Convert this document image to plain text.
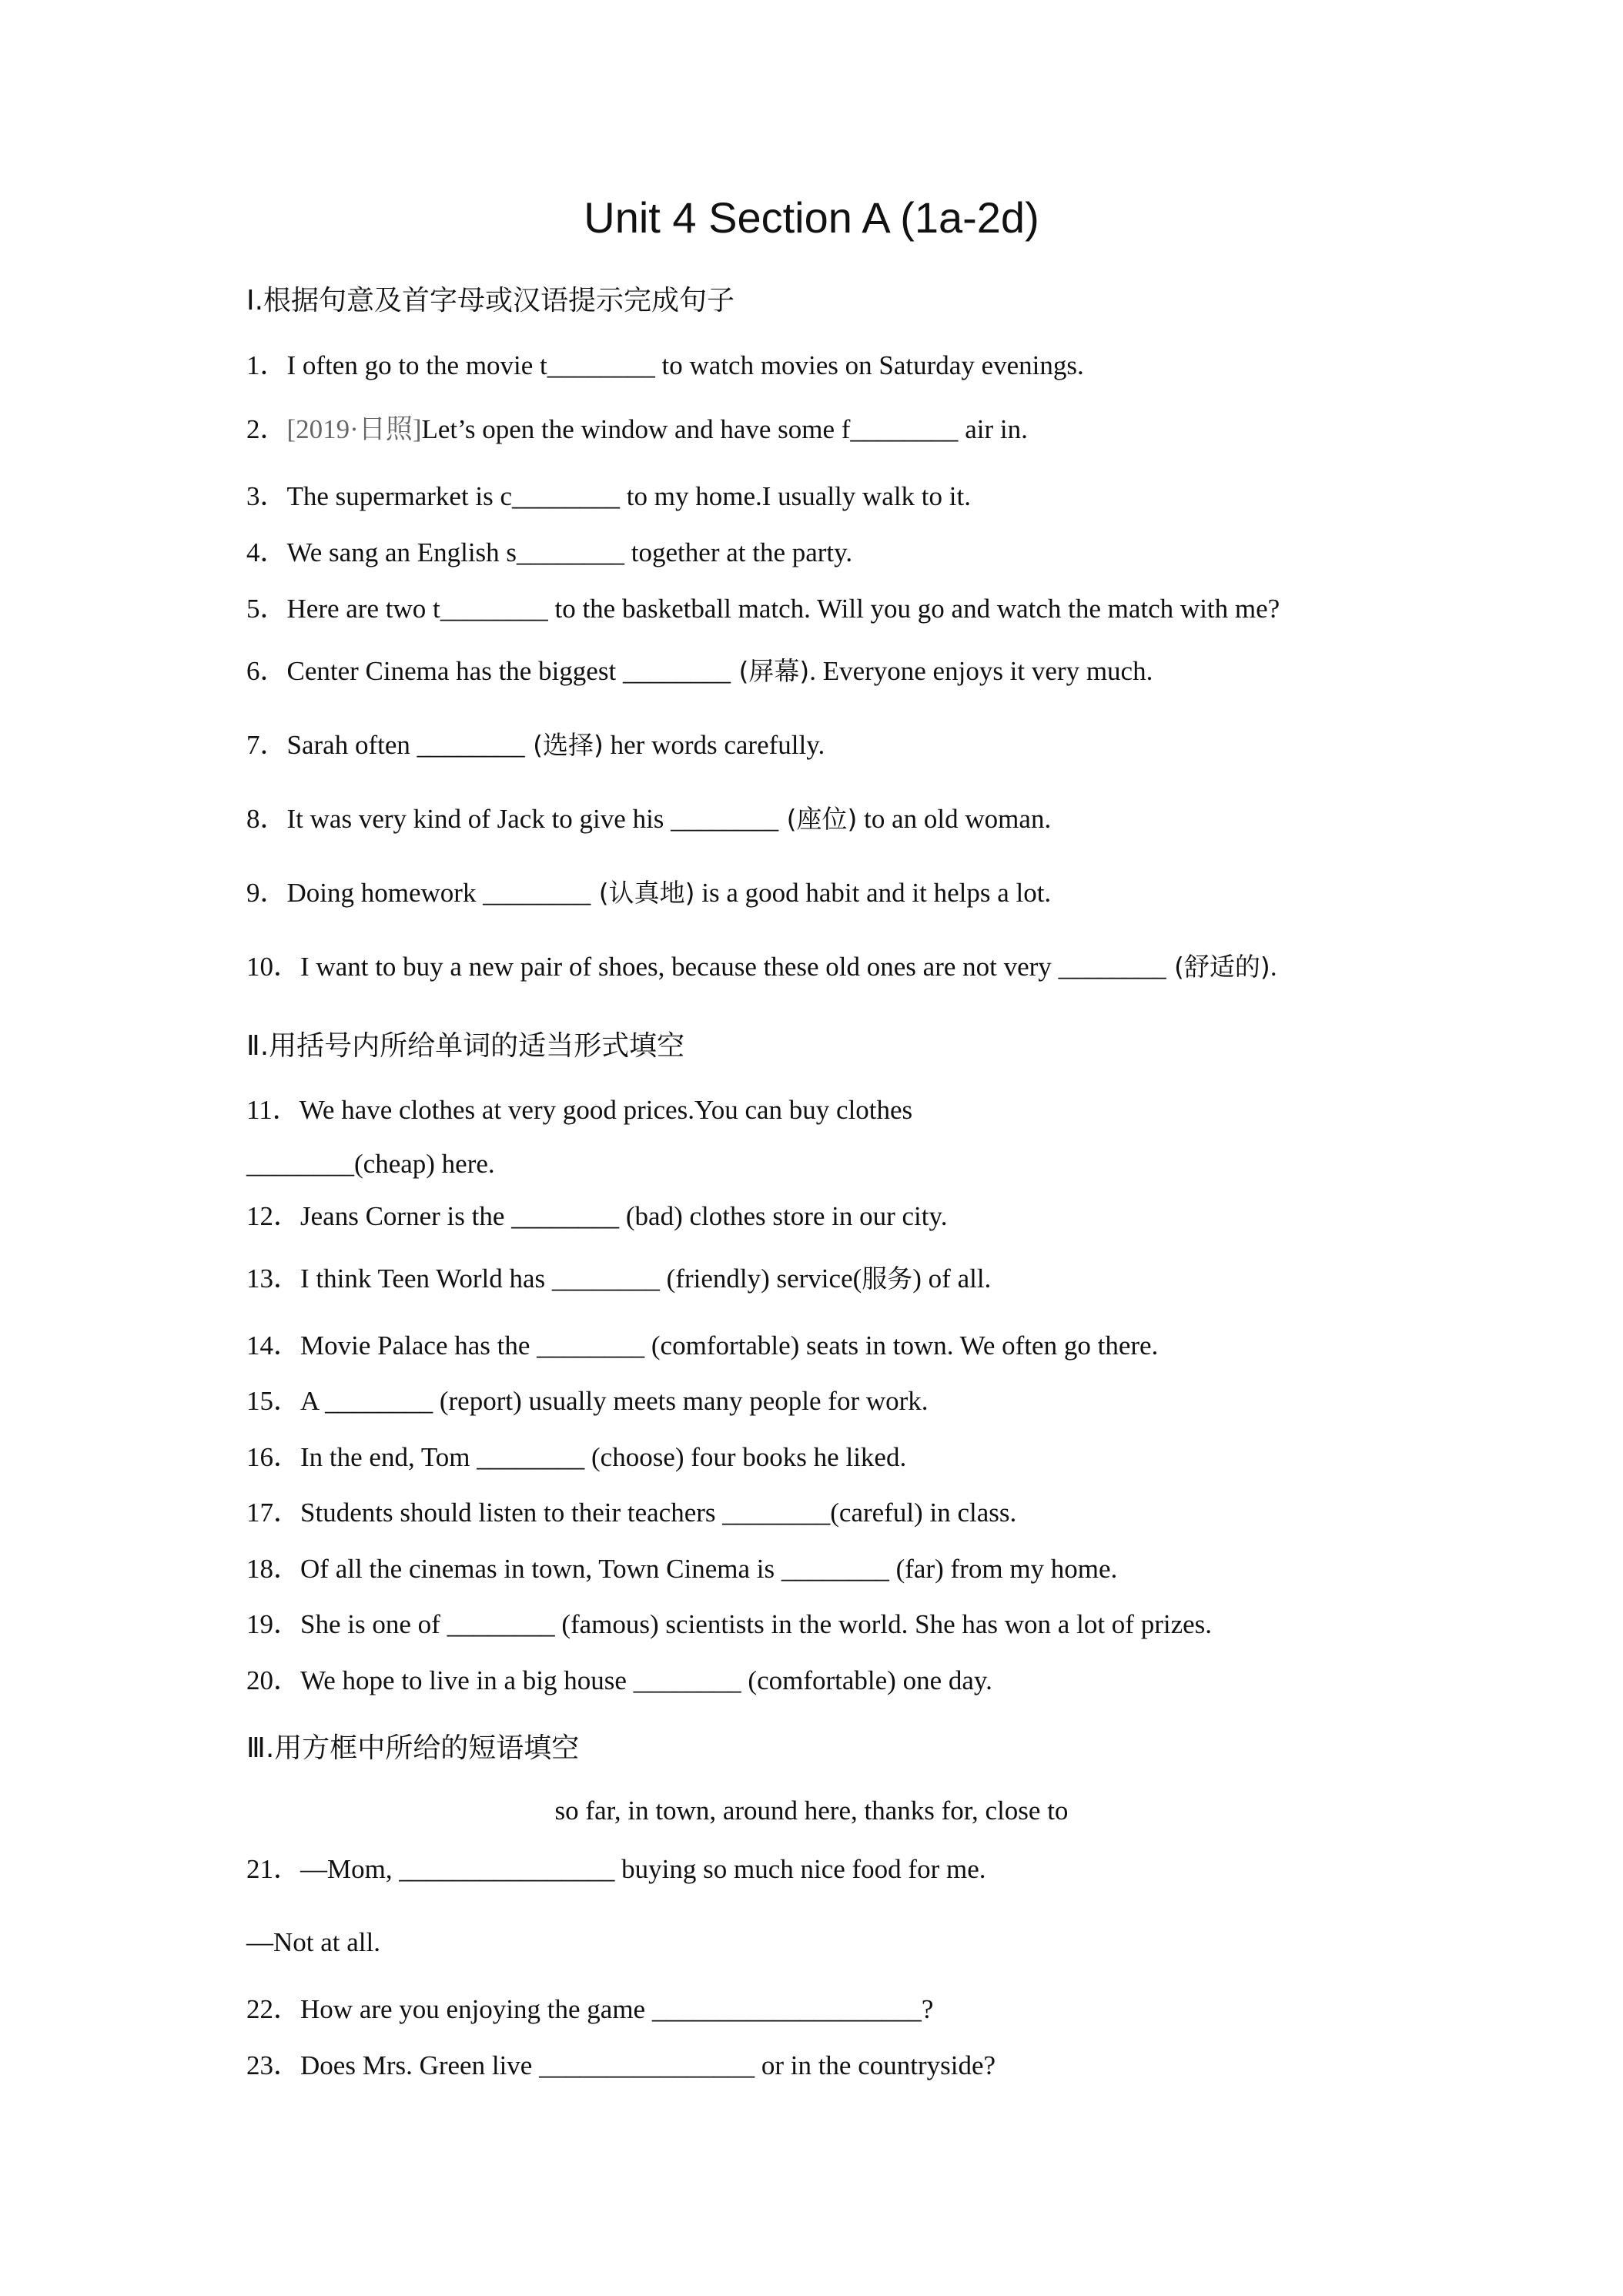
Unit 4 Section A (1a-2d)
Ⅰ.根据句意及首字母或汉语提示完成句子
1．I often go to the movie t________ to watch movies on Saturday evenings.
2．[2019·日照]Let’s open the window and have some f________ air in.
3．The supermarket is c________ to my home.I usually walk to it.
4．We sang an English s________ together at the party.
5．Here are two t________ to the basketball match. Will you go and watch the match with me?
6．Center Cinema has the biggest ________ (屏幕). Everyone enjoys it very much.
7．Sarah often ________ (选择) her words carefully.
8．It was very kind of Jack to give his ________ (座位) to an old woman.
9．Doing homework ________ (认真地) is a good habit and it helps a lot.
10．I want to buy a new pair of shoes, because these old ones are not very ________ (舒适的).
Ⅱ.用括号内所给单词的适当形式填空
11．We have clothes at very good prices.You can buy clothes
________(cheap) here.
12．Jeans Corner is the ________ (bad) clothes store in our city.
13．I think Teen World has ________ (friendly) service(服务) of all.
14．Movie Palace has the ________ (comfortable) seats in town. We often go there.
15．A ________ (report) usually meets many people for work.
16．In the end, Tom ________ (choose) four books he liked.
17．Students should listen to their teachers ________(careful) in class.
18．Of all the cinemas in town, Town Cinema is ________ (far) from my home.
19．She is one of ________ (famous) scientists in the world. She has won a lot of prizes.
20．We hope to live in a big house ________ (comfortable) one day.
Ⅲ.用方框中所给的短语填空
so far, in town, around here, thanks for, close to
21．—Mom, ________________ buying so much nice food for me.
—Not at all.
22．How are you enjoying the game ____________________?
23．Does Mrs. Green live ________________ or in the countryside?
